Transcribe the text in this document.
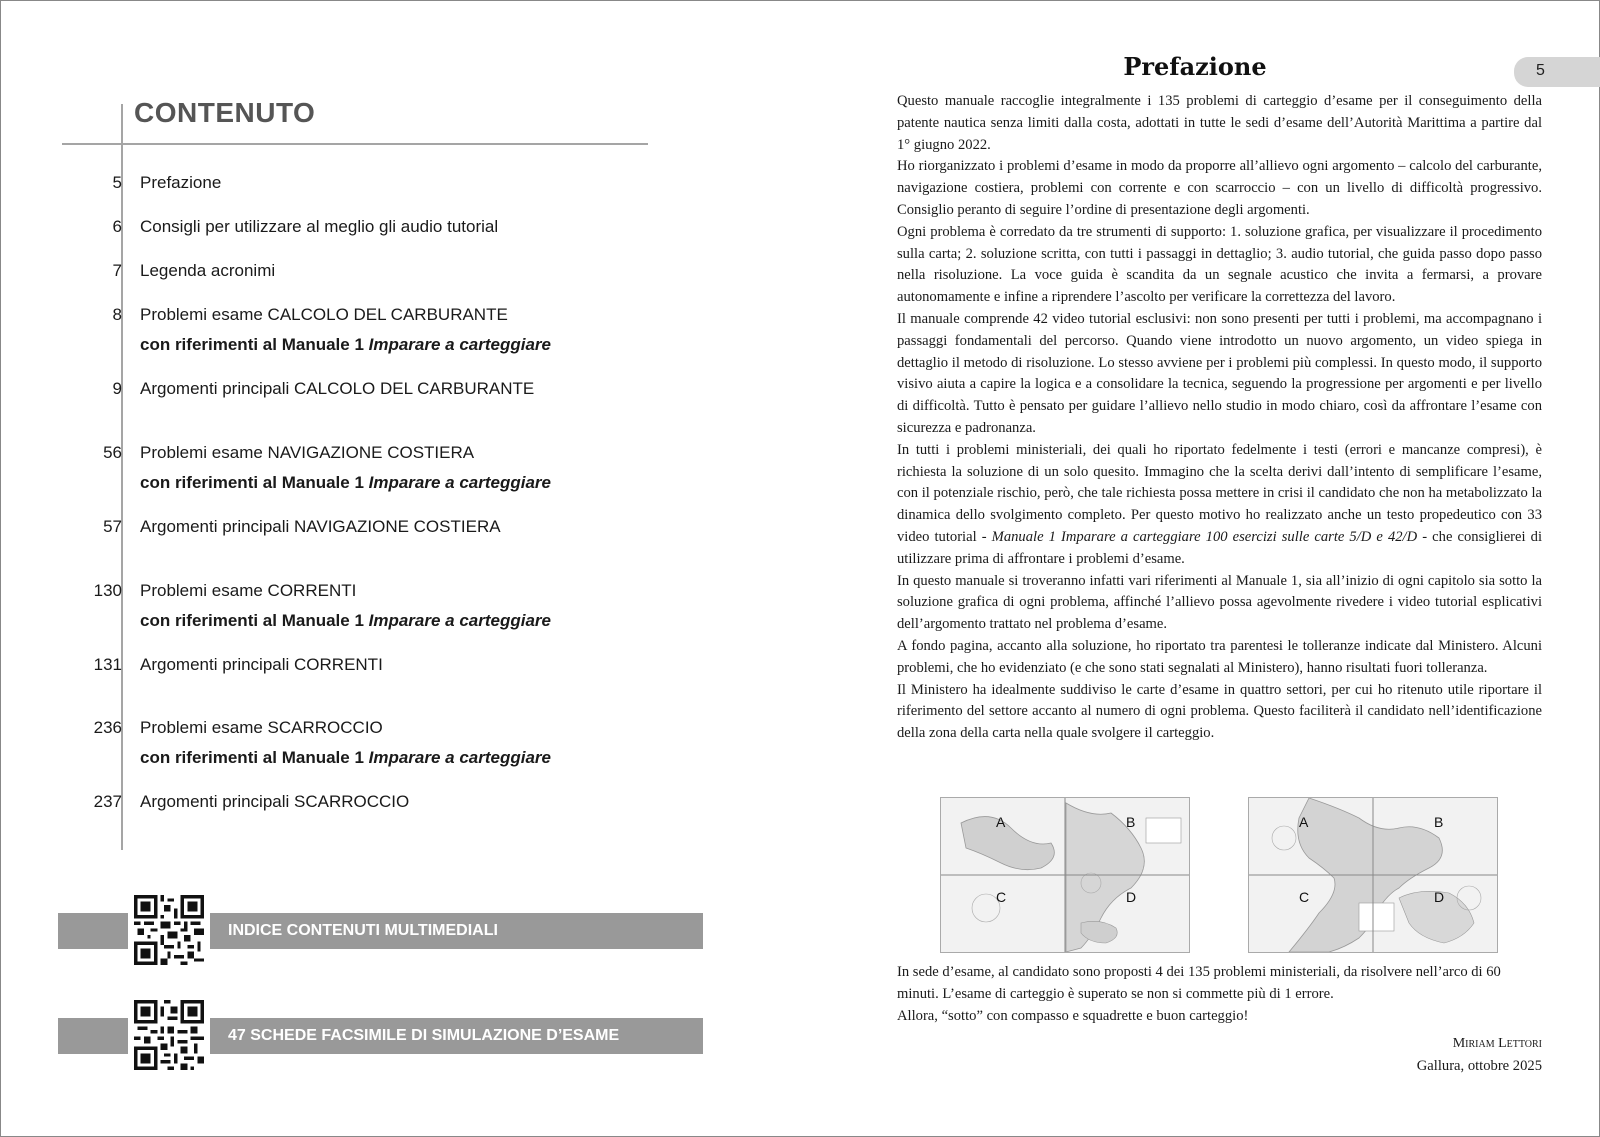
CONTENUTO
5 Prefazione
6 Consigli per utilizzare al meglio gli audio tutorial
7 Legenda acronimi
8 Problemi esame CALCOLO DEL CARBURANTE
con riferimenti al Manuale 1 Imparare a carteggiare
9 Argomenti principali CALCOLO DEL CARBURANTE
56 Problemi esame NAVIGAZIONE COSTIERA
con riferimenti al Manuale 1 Imparare a carteggiare
57 Argomenti principali NAVIGAZIONE COSTIERA
130 Problemi esame CORRENTI
con riferimenti al Manuale 1 Imparare a carteggiare
131 Argomenti principali CORRENTI
236 Problemi esame SCARROCCIO
con riferimenti al Manuale 1 Imparare a carteggiare
237 Argomenti principali SCARROCCIO
INDICE CONTENUTI MULTIMEDIALI
47 SCHEDE FACSIMILE DI SIMULAZIONE D’ESAME
5
Prefazione

Questo manuale raccoglie integralmente i 135 problemi di carteggio d’esame per il conseguimento della patente nautica senza limiti dalla costa, adottati in tutte le sedi d’esame dell’Autorità Marittima a partire dal 1° giugno 2022.

Ho riorganizzato i problemi d’esame in modo da proporre all’allievo ogni argomento – calcolo del carburante, navigazione costiera, problemi con corrente e con scarroccio – con un livello di difficoltà progressivo. Consiglio peranto di seguire l’ordine di presentazione degli argomenti.

Ogni problema è corredato da tre strumenti di supporto: 1. soluzione grafica, per visualizzare il procedimento sulla carta; 2. soluzione scritta, con tutti i passaggi in dettaglio; 3. audio tutorial, che guida passo dopo passo nella risoluzione. La voce guida è scandita da un segnale acustico che invita a fermarsi, a provare autonomamente e infine a riprendere l’ascolto per verificare la correttezza del lavoro.

Il manuale comprende 42 video tutorial esclusivi: non sono presenti per tutti i problemi, ma accompagnano i passaggi fondamentali del percorso. Quando viene introdotto un nuovo argomento, un video spiega in dettaglio il metodo di risoluzione. Lo stesso avviene per i problemi più complessi. In questo modo, il supporto visivo aiuta a capire la logica e a consolidare la tecnica, seguendo la progressione per argomenti e per livello di difficoltà. Tutto è pensato per guidare l’allievo nello studio in modo chiaro, così da affrontare l’esame con sicurezza e padronanza.

In tutti i problemi ministeriali, dei quali ho riportato fedelmente i testi (errori e mancanze compresi), è richiesta la soluzione di un solo quesito. Immagino che la scelta derivi dall’intento di semplificare l’esame, con il potenziale rischio, però, che tale richiesta possa mettere in crisi il candidato che non ha metabolizzato la dinamica dello svolgimento completo. Per questo motivo ho realizzato anche un testo propedeutico con 33 video tutorial - Manuale 1 Imparare a carteggiare 100 esercizi sulle carte 5/D e 42/D - che consiglierei di utilizzare prima di affrontare i problemi d’esame.

In questo manuale si troveranno infatti vari riferimenti al Manuale 1, sia all’inizio di ogni capitolo sia sotto la soluzione grafica di ogni problema, affinché l’allievo possa agevolmente rivedere i video tutorial esplicativi dell’argomento trattato nel problema d’esame.

A fondo pagina, accanto alla soluzione, ho riportato tra parentesi le tolleranze indicate dal Ministero. Alcuni problemi, che ho evidenziato (e che sono stati segnalati al Ministero), hanno risultati fuori tolleranza.

Il Ministero ha idealmente suddiviso le carte d’esame in quattro settori, per cui ho ritenuto utile riportare il riferimento del settore accanto al numero di ogni problema. Questo faciliterà il candidato nell’identificazione della zona della carta nella quale svolgere il carteggio.

A	B
C	D
A	B
C	D

In sede d’esame, al candidato sono proposti 4 dei 135 problemi ministeriali, da risolvere nell’arco di 60 minuti. L’esame di carteggio è superato se non si commette più di 1 errore.

Allora, “sotto” con compasso e squadrette e buon carteggio!

Miriam Lettori
Gallura, ottobre 2025
